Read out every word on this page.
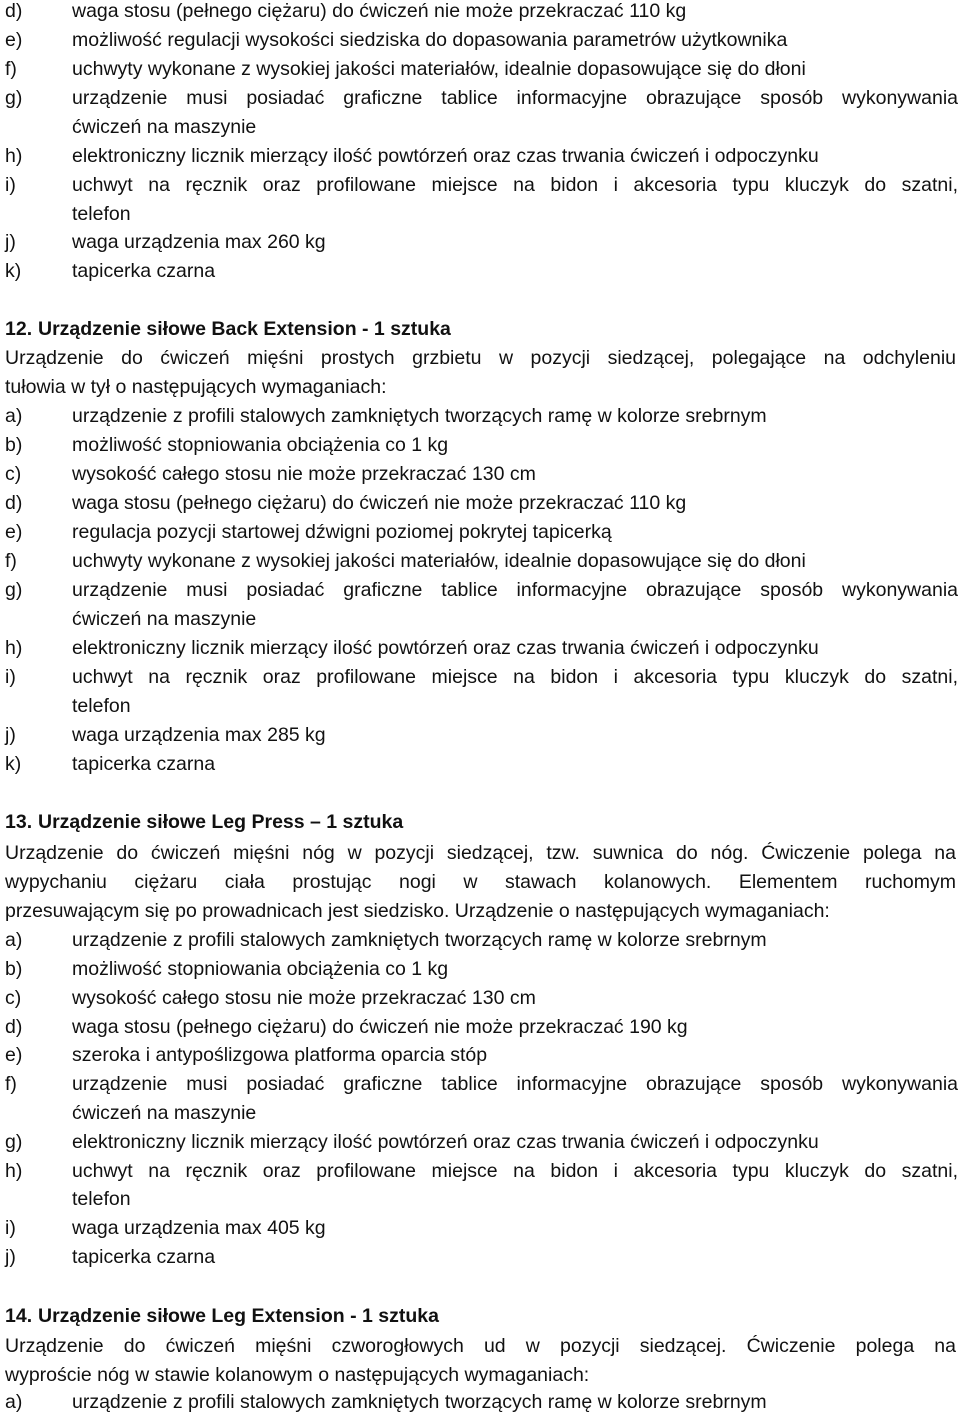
d)	waga stosu (pełnego ciężaru) do ćwiczeń nie może przekraczać 110 kg
e)	możliwość regulacji wysokości siedziska do dopasowania parametrów użytkownika
f)	uchwyty wykonane z wysokiej jakości materiałów, idealnie dopasowujące się do dłoni
g)	urządzenie musi posiadać graficzne tablice informacyjne obrazujące sposób wykonywania
ćwiczeń na maszynie
h)	elektroniczny licznik mierzący ilość powtórzeń oraz czas trwania ćwiczeń i odpoczynku
i)	uchwyt na ręcznik oraz profilowane miejsce na bidon i akcesoria typu kluczyk do szatni,
telefon
j)	waga urządzenia max 260 kg
k)	tapicerka czarna
12. Urządzenie siłowe Back Extension - 1 sztuka
Urządzenie do ćwiczeń mięśni prostych grzbietu w pozycji siedzącej, polegające na odchyleniu
tułowia w tył o następujących wymaganiach:
a)	urządzenie z profili stalowych zamkniętych tworzących ramę w kolorze srebrnym
b)	możliwość stopniowania obciążenia co 1 kg
c)	wysokość całego stosu nie może przekraczać 130 cm
d)	waga stosu (pełnego ciężaru) do ćwiczeń nie może przekraczać 110 kg
e)	regulacja pozycji startowej dźwigni poziomej pokrytej tapicerką
f)	uchwyty wykonane z wysokiej jakości materiałów, idealnie dopasowujące się do dłoni
g)	urządzenie musi posiadać graficzne tablice informacyjne obrazujące sposób wykonywania
ćwiczeń na maszynie
h)	elektroniczny licznik mierzący ilość powtórzeń oraz czas trwania ćwiczeń i odpoczynku
i)	uchwyt na ręcznik oraz profilowane miejsce na bidon i akcesoria typu kluczyk do szatni,
telefon
j)	waga urządzenia max 285 kg
k)	tapicerka czarna
13. Urządzenie siłowe Leg Press – 1 sztuka
Urządzenie do ćwiczeń mięśni nóg w pozycji siedzącej, tzw. suwnica do nóg. Ćwiczenie polega na
wypychaniu ciężaru ciała prostując nogi w stawach kolanowych. Elementem ruchomym
przesuwającym się po prowadnicach jest siedzisko. Urządzenie o następujących wymaganiach:
a)	urządzenie z profili stalowych zamkniętych tworzących ramę w kolorze srebrnym
b)	możliwość stopniowania obciążenia co 1 kg
c)	wysokość całego stosu nie może przekraczać 130 cm
d)	waga stosu (pełnego ciężaru) do ćwiczeń nie może przekraczać 190 kg
e)	szeroka i antypoślizgowa platforma oparcia stóp
f)	urządzenie musi posiadać graficzne tablice informacyjne obrazujące sposób wykonywania
ćwiczeń na maszynie
g)	elektroniczny licznik mierzący ilość powtórzeń oraz czas trwania ćwiczeń i odpoczynku
h)	uchwyt na ręcznik oraz profilowane miejsce na bidon i akcesoria typu kluczyk do szatni,
telefon
i)	waga urządzenia max 405 kg
j)	tapicerka czarna
14. Urządzenie siłowe Leg Extension - 1 sztuka
Urządzenie do ćwiczeń mięśni czworogłowych ud w pozycji siedzącej. Ćwiczenie polega na
wyproście nóg w stawie kolanowym o następujących wymaganiach:
a)	urządzenie z profili stalowych zamkniętych tworzących ramę w kolorze srebrnym
